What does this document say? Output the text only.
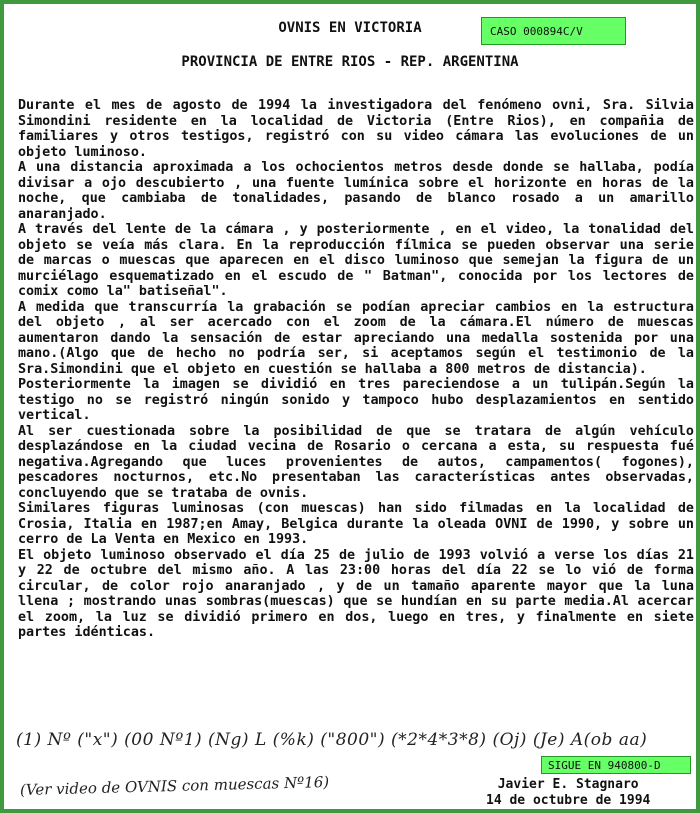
OVNIS EN VICTORIA	CASO 000894C/V
PROVINCIA DE ENTRE RIOS - REP. ARGENTINA

Durante el mes de agosto de 1994 la investigadora del fenómeno ovni, Sra. Silvia Simondini residente en la localidad de Victoria (Entre Rios), en compañia de familiares y otros testigos, registró con su video cámara las evoluciones de un objeto luminoso.

A una distancia aproximada a los ochocientos metros desde donde se hallaba, podía divisar a ojo descubierto , una fuente lumínica sobre el horizonte en horas de la noche, que cambiaba de tonalidades, pasando de blanco rosado a un amarillo anaranjado.

A través del lente de la cámara , y posteriormente , en el video, la tonalidad del objeto se veía más clara. En la reproducción fílmica se pueden observar una serie de marcas o muescas que aparecen en el disco luminoso que semejan la figura de un murciélago esquematizado en el escudo de " Batman", conocida por los lectores de comix como la" batiseñal".

A medida que transcurría la grabación se podían apreciar cambios en la estructura del objeto , al ser acercado con el zoom de la cámara.El número de muescas aumentaron dando la sensación de estar apreciando una medalla sostenida por una mano.(Algo que de hecho no podría ser, si aceptamos según el testimonio de la Sra.Simondini que el objeto en cuestión se hallaba a 800 metros de distancia).

Posteriormente la imagen se dividió en tres pareciendose a un tulipán.Según la testigo no se registró ningún sonido y tampoco hubo desplazamientos en sentido vertical.

Al ser cuestionada sobre la posibilidad de que se tratara de algún vehículo desplazándose en la ciudad vecina de Rosario o cercana a esta, su respuesta fué negativa.Agregando que luces provenientes de autos, campamentos( fogones), pescadores nocturnos, etc.No presentaban las características antes observadas, concluyendo que se trataba de ovnis.

Similares figuras luminosas (con muescas) han sido filmadas en la localidad de Crosia, Italia en 1987;en Amay, Belgica durante la oleada OVNI de 1990, y sobre un cerro de La Venta en Mexico en 1993.

El objeto luminoso observado el día 25 de julio de 1993 volvió a verse los días 21 y 22 de octubre del mismo año. A las 23:00 horas del día 22 se lo vió de forma circular, de color rojo anaranjado , y de un tamaño aparente mayor que la luna llena ; mostrando unas sombras(muescas) que se hundían en su parte media.Al acercar el zoom, la luz se dividió primero en dos, luego en tres, y finalmente en siete partes idénticas.

(1) Nº ("x") (00 Nº1) (Ng) L (%k) ("800") (*2*4*3*8) (Oj) (Je) A(ob aa)
(Ver video de OVNIS con muescas Nº16)
SIGUE EN 940800-D
Javier E. Stagnaro
14 de octubre de 1994
